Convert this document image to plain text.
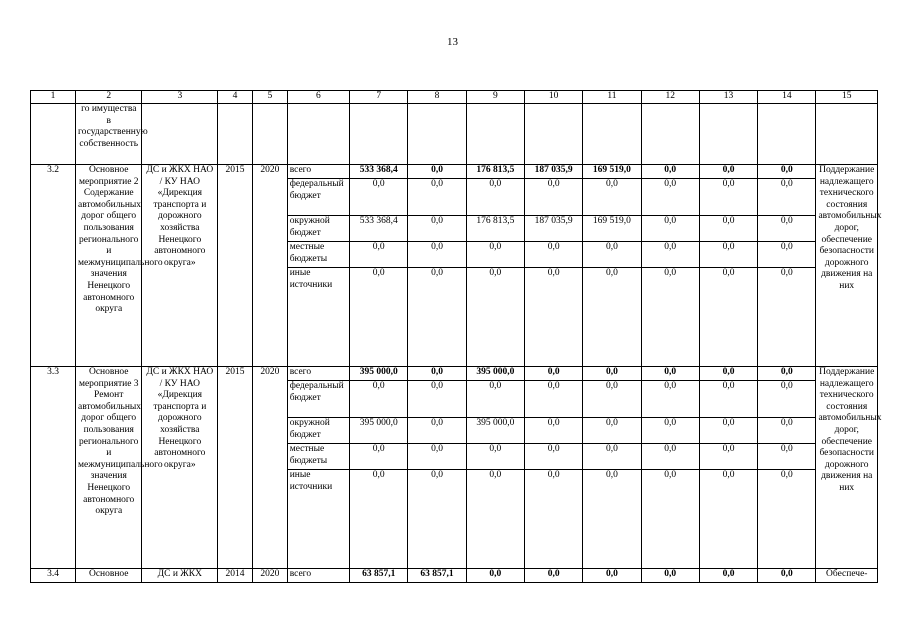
13
1	2	3	4	5	6	7	8	9	10	11	12	13	14	15
	го имущества в государственную собственность													
3.2	Основное мероприятие 2 Содержание автомобильных дорог общего пользования регионального и межмуниципального значения Ненецкого автономного округа	ДС и ЖКХ НАО / КУ НАО «Дирекция транспорта и дорожного хозяйства Ненецкого автономного округа»	2015	2020	всего	533 368,4	0,0	176 813,5	187 035,9	169 519,0	0,0	0,0	0,0	Поддержание надлежащего технического состояния автомобильных дорог, обеспечение безопасности дорожного движения на них
					федеральный бюджет	0,0	0,0	0,0	0,0	0,0	0,0	0,0	0,0	
					окружной бюджет	533 368,4	0,0	176 813,5	187 035,9	169 519,0	0,0	0,0	0,0	
					местные бюджеты	0,0	0,0	0,0	0,0	0,0	0,0	0,0	0,0	
					иные источники	0,0	0,0	0,0	0,0	0,0	0,0	0,0	0,0	
3.3	Основное мероприятие 3 Ремонт автомобильных дорог общего пользования регионального и межмуниципального значения Ненецкого автономного округа	ДС и ЖКХ НАО / КУ НАО «Дирекция транспорта и дорожного хозяйства Ненецкого автономного округа»	2015	2020	всего	395 000,0	0,0	395 000,0	0,0	0,0	0,0	0,0	0,0	Поддержание надлежащего технического состояния автомобильных дорог, обеспечение безопасности дорожного движения на них
					федеральный бюджет	0,0	0,0	0,0	0,0	0,0	0,0	0,0	0,0	
					окружной бюджет	395 000,0	0,0	395 000,0	0,0	0,0	0,0	0,0	0,0	
					местные бюджеты	0,0	0,0	0,0	0,0	0,0	0,0	0,0	0,0	
					иные источники	0,0	0,0	0,0	0,0	0,0	0,0	0,0	0,0	
3.4	Основное	ДС и ЖКХ	2014	2020	всего	63 857,1	63 857,1	0,0	0,0	0,0	0,0	0,0	0,0	Обеспече-
